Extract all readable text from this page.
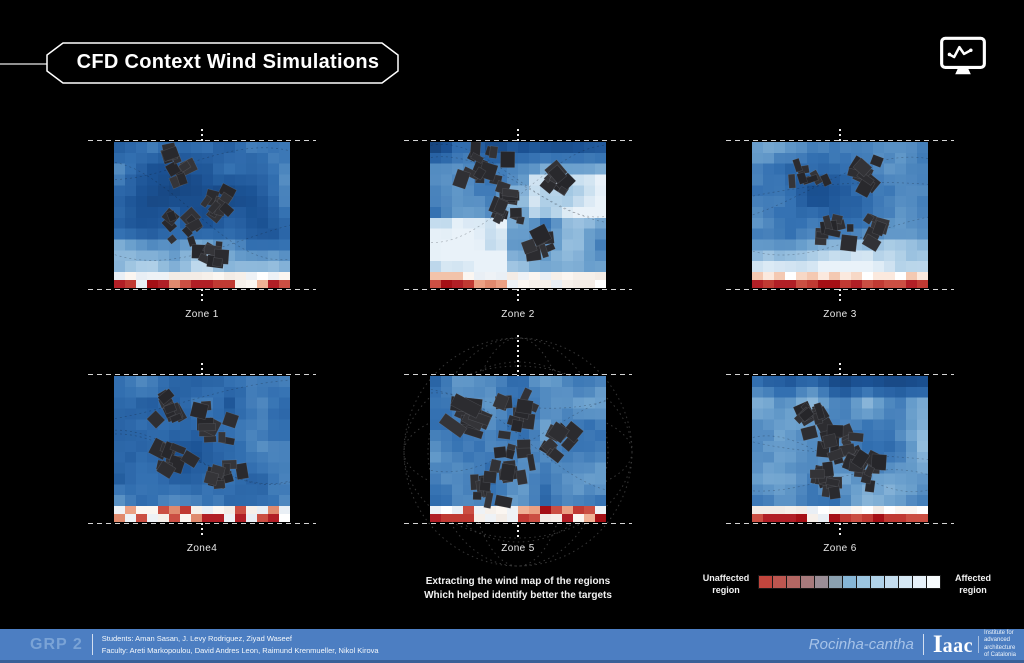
CFD Context Wind Simulations
Zone 1	Zone 2	Zone 3
Zone4	Zone 5	Zone 6
Extracting the wind map of the regions
Which helped identify better the targets
Unaffected
region
Affected
region
GRP 2	Students: Aman Sasan, J. Levy Rodriguez, Ziyad Waseef
Faculty: Areti Markopoulou, David Andres Leon, Raimund Krenmueller, Nikol Kirova	Rocinha-cantha Iaac
Institute for
advanced
architecture
of Catalonia
